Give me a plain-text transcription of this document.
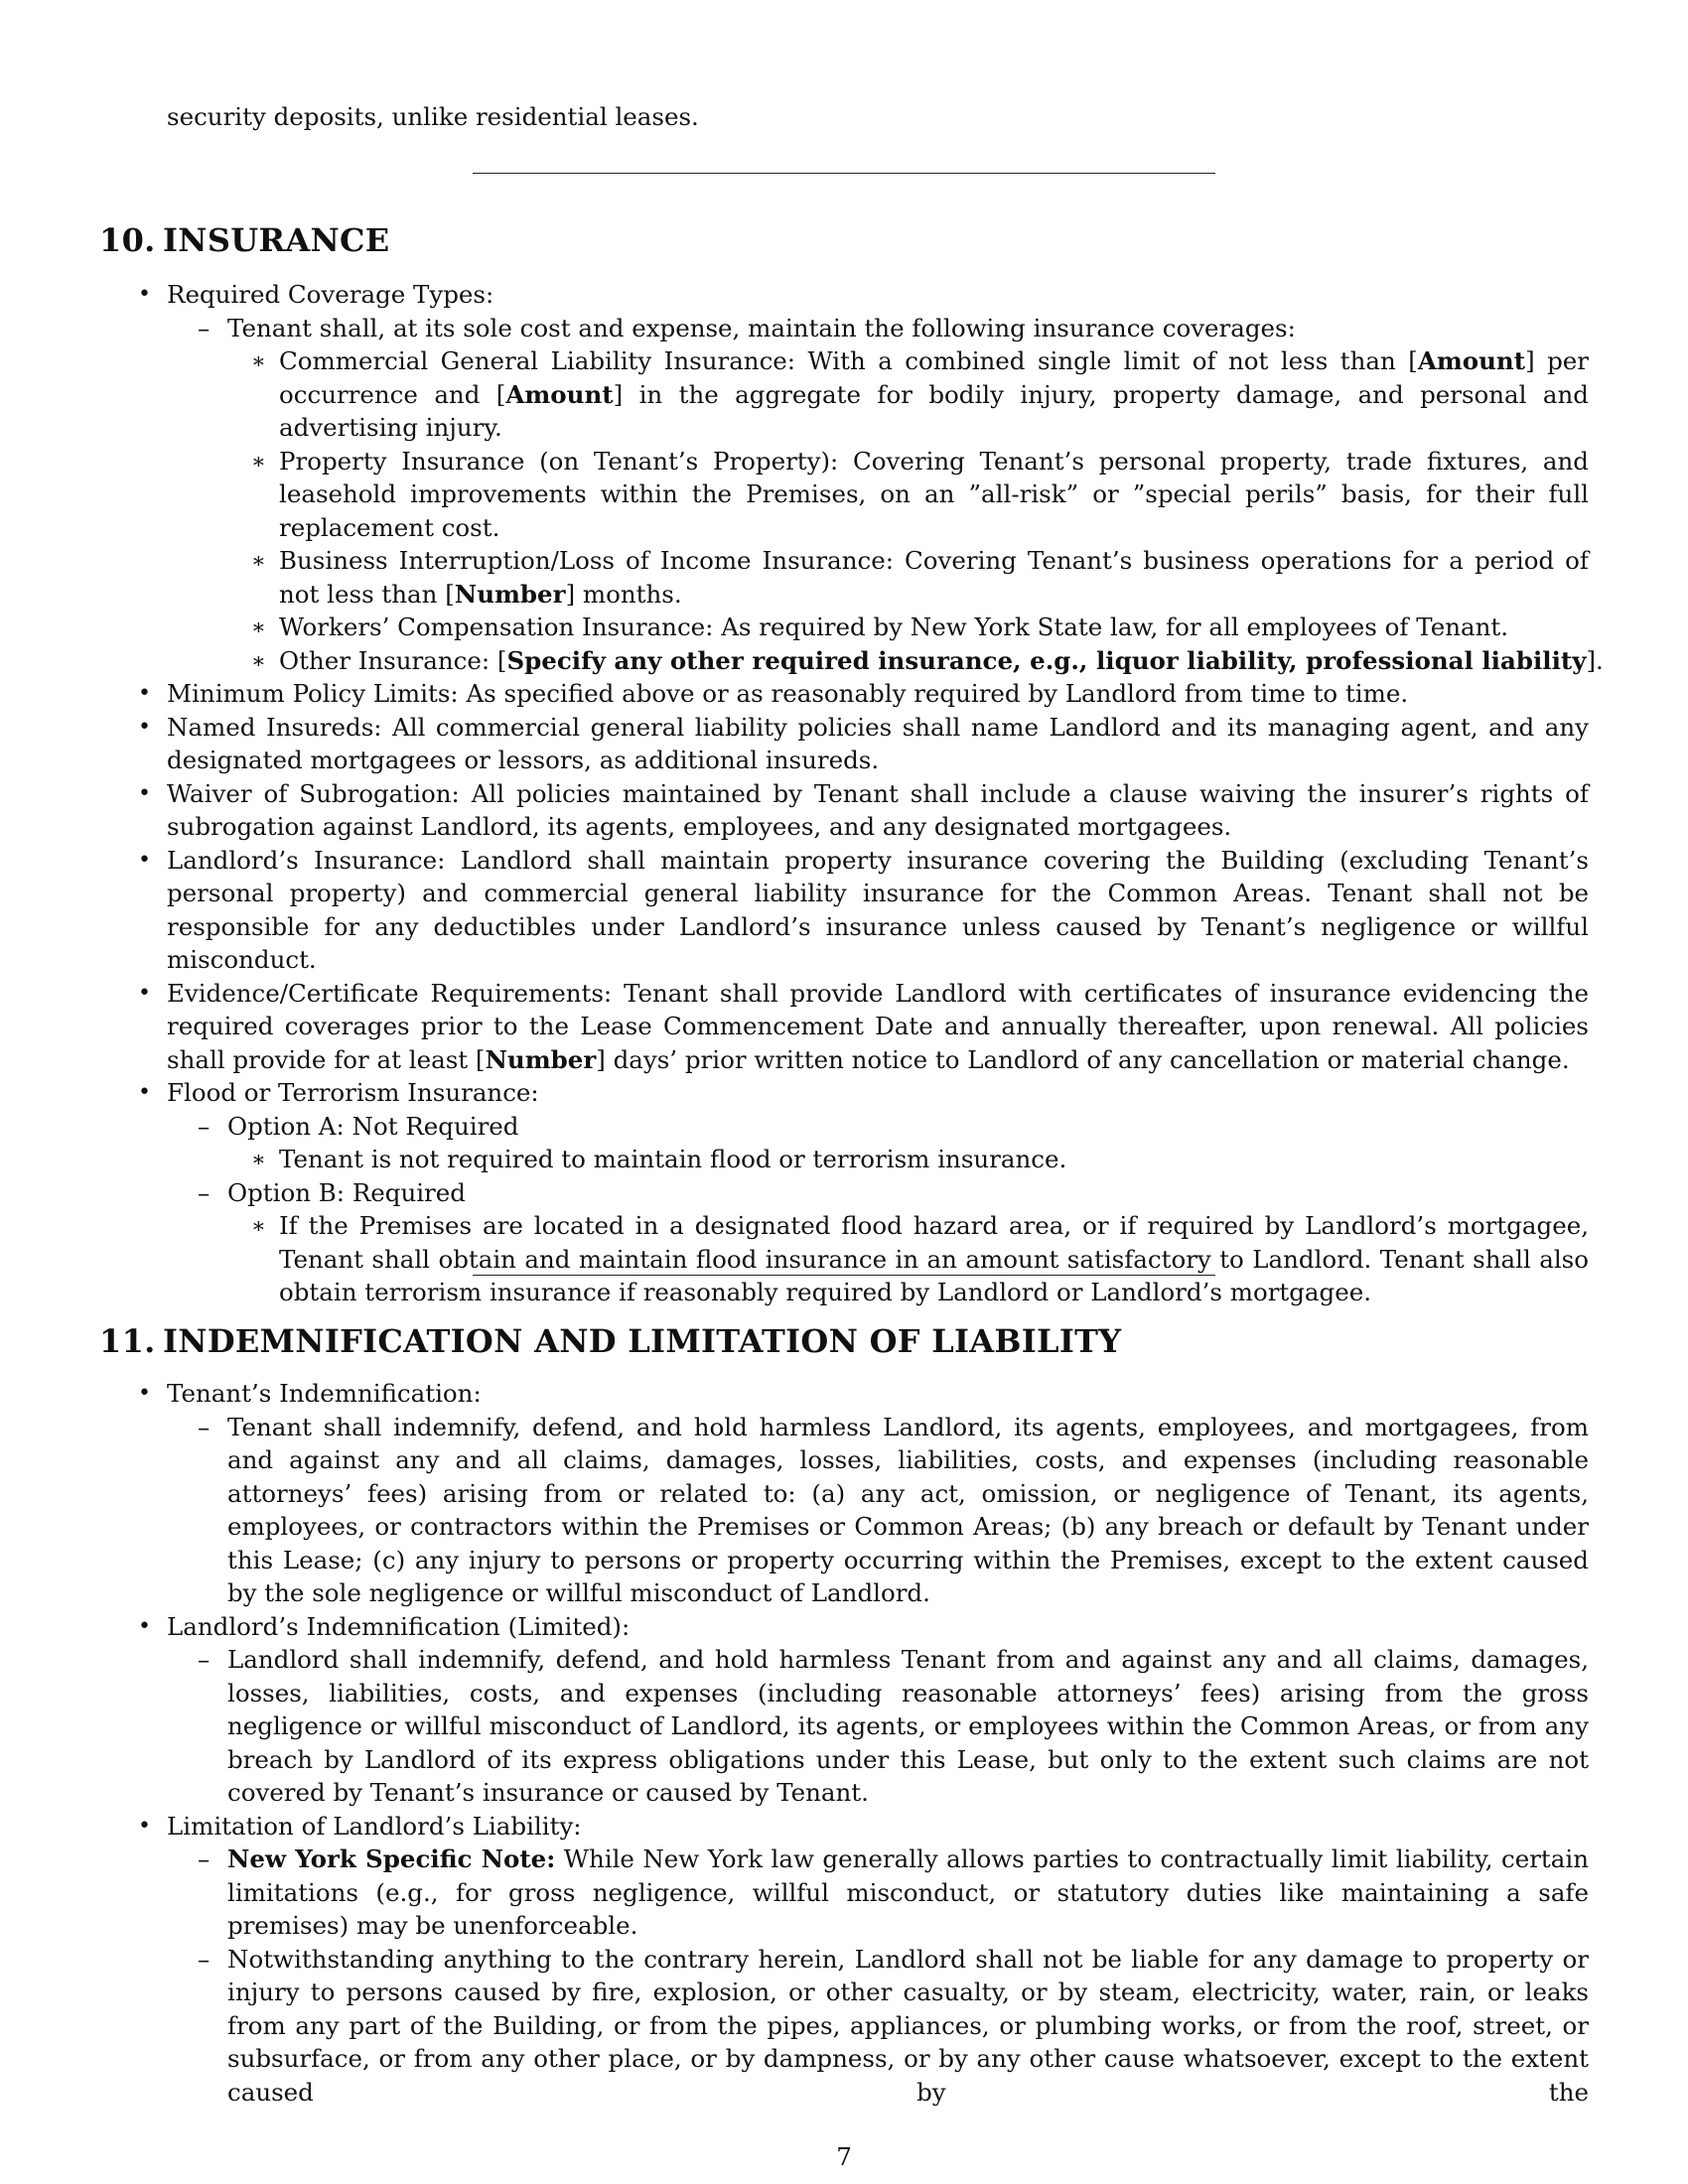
security deposits, unlike residential leases.
10. INSURANCE
• Required Coverage Types:
– Tenant shall, at its sole cost and expense, maintain the following insurance coverages:
∗ Commercial General Liability Insurance: With a combined single limit of not less than [Amount] per occurrence and [Amount] in the aggregate for bodily injury, property damage, and personal and advertising injury.
∗ Property Insurance (on Tenant’s Property): Covering Tenant’s personal property, trade fixtures, and leasehold improvements within the Premises, on an ”all-risk” or ”special perils” basis, for their full replacement cost.
∗ Business Interruption/Loss of Income Insurance: Covering Tenant’s business operations for a period of not less than [Number] months.
∗ Workers’ Compensation Insurance: As required by New York State law, for all employees of Tenant.
∗ Other Insurance: [Specify any other required insurance, e.g., liquor liability, professional liability].
• Minimum Policy Limits: As specified above or as reasonably required by Landlord from time to time.
• Named Insureds: All commercial general liability policies shall name Landlord and its managing agent, and any designated mortgagees or lessors, as additional insureds.
• Waiver of Subrogation: All policies maintained by Tenant shall include a clause waiving the insurer’s rights of subrogation against Landlord, its agents, employees, and any designated mortgagees.
• Landlord’s Insurance: Landlord shall maintain property insurance covering the Building (excluding Tenant’s personal property) and commercial general liability insurance for the Common Areas. Tenant shall not be responsible for any deductibles under Landlord’s insurance unless caused by Tenant’s negligence or willful misconduct.
• Evidence/Certificate Requirements: Tenant shall provide Landlord with certificates of insurance evidencing the required coverages prior to the Lease Commencement Date and annually thereafter, upon renewal. All policies shall provide for at least [Number] days’ prior written notice to Landlord of any cancellation or material change.
• Flood or Terrorism Insurance:
– Option A: Not Required
∗ Tenant is not required to maintain flood or terrorism insurance.
– Option B: Required
∗ If the Premises are located in a designated flood hazard area, or if required by Landlord’s mortgagee, Tenant shall obtain and maintain flood insurance in an amount satisfactory to Landlord. Tenant shall also obtain terrorism insurance if reasonably required by Landlord or Landlord’s mortgagee.
11. INDEMNIFICATION AND LIMITATION OF LIABILITY
• Tenant’s Indemnification:
– Tenant shall indemnify, defend, and hold harmless Landlord, its agents, employees, and mortgagees, from and against any and all claims, damages, losses, liabilities, costs, and expenses (including reasonable attorneys’ fees) arising from or related to: (a) any act, omission, or negligence of Tenant, its agents, employees, or contractors within the Premises or Common Areas; (b) any breach or default by Tenant under this Lease; (c) any injury to persons or property occurring within the Premises, except to the extent caused by the sole negligence or willful misconduct of Landlord.
• Landlord’s Indemnification (Limited):
– Landlord shall indemnify, defend, and hold harmless Tenant from and against any and all claims, damages, losses, liabilities, costs, and expenses (including reasonable attorneys’ fees) arising from the gross negligence or willful misconduct of Landlord, its agents, or employees within the Common Areas, or from any breach by Landlord of its express obligations under this Lease, but only to the extent such claims are not covered by Tenant’s insurance or caused by Tenant.
• Limitation of Landlord’s Liability:
– New York Specific Note: While New York law generally allows parties to contractually limit liability, certain limitations (e.g., for gross negligence, willful misconduct, or statutory duties like maintaining a safe premises) may be unenforceable.
– Notwithstanding anything to the contrary herein, Landlord shall not be liable for any damage to property or injury to persons caused by fire, explosion, or other casualty, or by steam, electricity, water, rain, or leaks from any part of the Building, or from the pipes, appliances, or plumbing works, or from the roof, street, or subsurface, or from any other place, or by dampness, or by any other cause whatsoever, except to the extent caused by the
7
